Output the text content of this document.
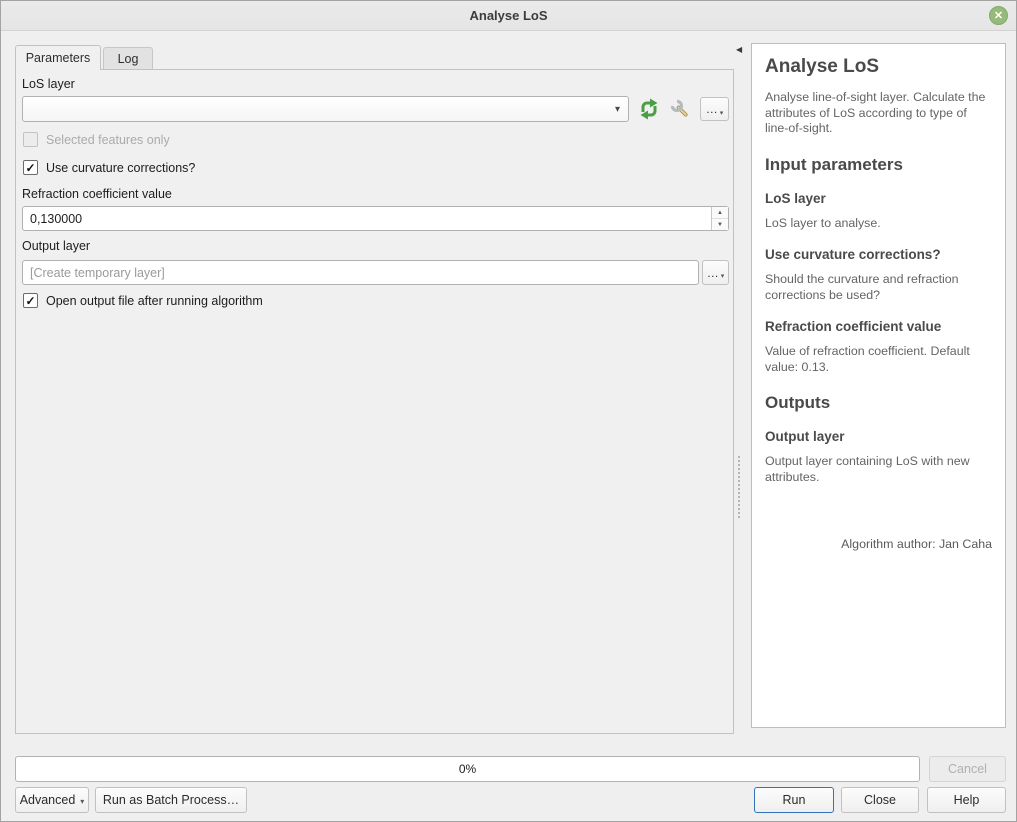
Analyse LoS	✕
Parameters Log
LoS layer
▾	… ▾
Selected features only
✓ Use curvature corrections?
Refraction coefficient value
0,130000
▲
▼
Output layer
[Create temporary layer]
… ▾
✓ Open output file after running algorithm
◀
Analyse LoS

Analyse line-of-sight layer. Calculate the attributes of LoS according to type of line-of-sight.

Input parameters
LoS layer

LoS layer to analyse.

Use curvature corrections?

Should the curvature and refraction corrections be used?

Refraction coefficient value

Value of refraction coefficient. Default value: 0.13.

Outputs
Output layer

Output layer containing LoS with new attributes.

Algorithm author: Jan Caha
0%	Cancel
Advanced ▾ Run as Batch Process…	Run	Close	Help
